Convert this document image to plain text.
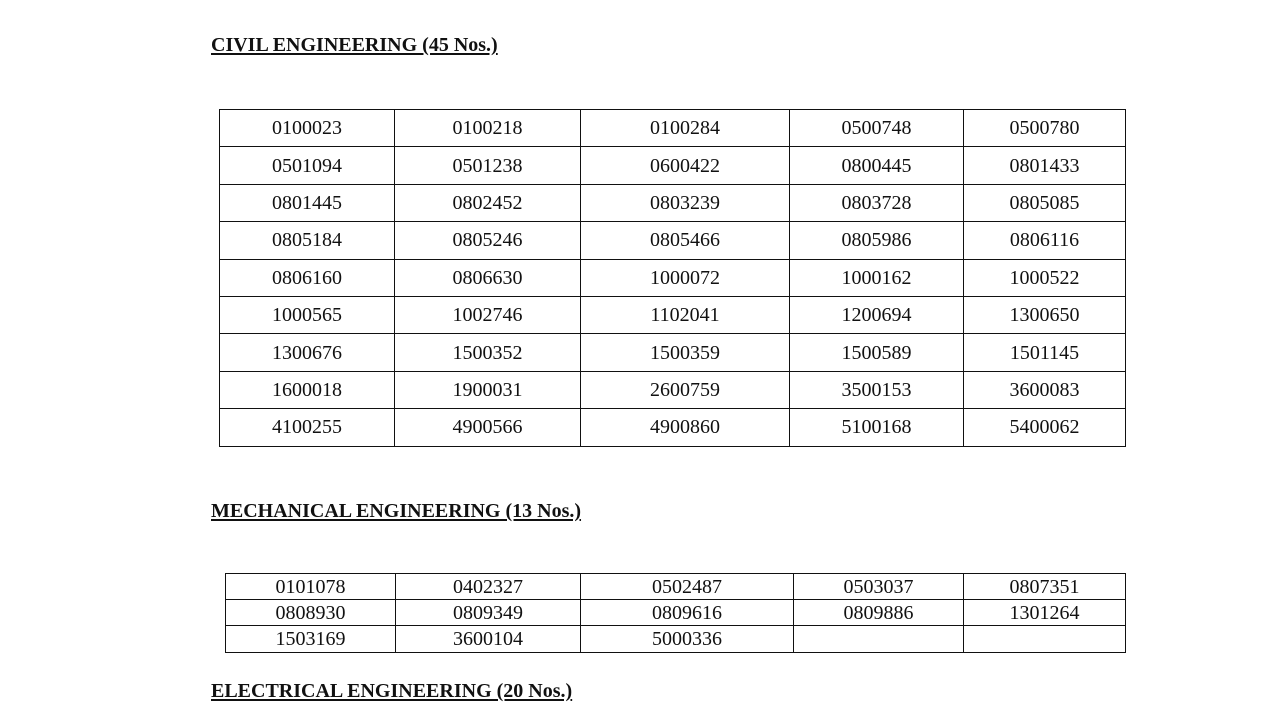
CIVIL ENGINEERING (45 Nos.)
0100023	0100218	0100284	0500748	0500780
0501094	0501238	0600422	0800445	0801433
0801445	0802452	0803239	0803728	0805085
0805184	0805246	0805466	0805986	0806116
0806160	0806630	1000072	1000162	1000522
1000565	1002746	1102041	1200694	1300650
1300676	1500352	1500359	1500589	1501145
1600018	1900031	2600759	3500153	3600083
4100255	4900566	4900860	5100168	5400062
MECHANICAL ENGINEERING (13 Nos.)
0101078	0402327	0502487	0503037	0807351
0808930	0809349	0809616	0809886	1301264
1503169	3600104	5000336		
ELECTRICAL ENGINEERING (20 Nos.)
